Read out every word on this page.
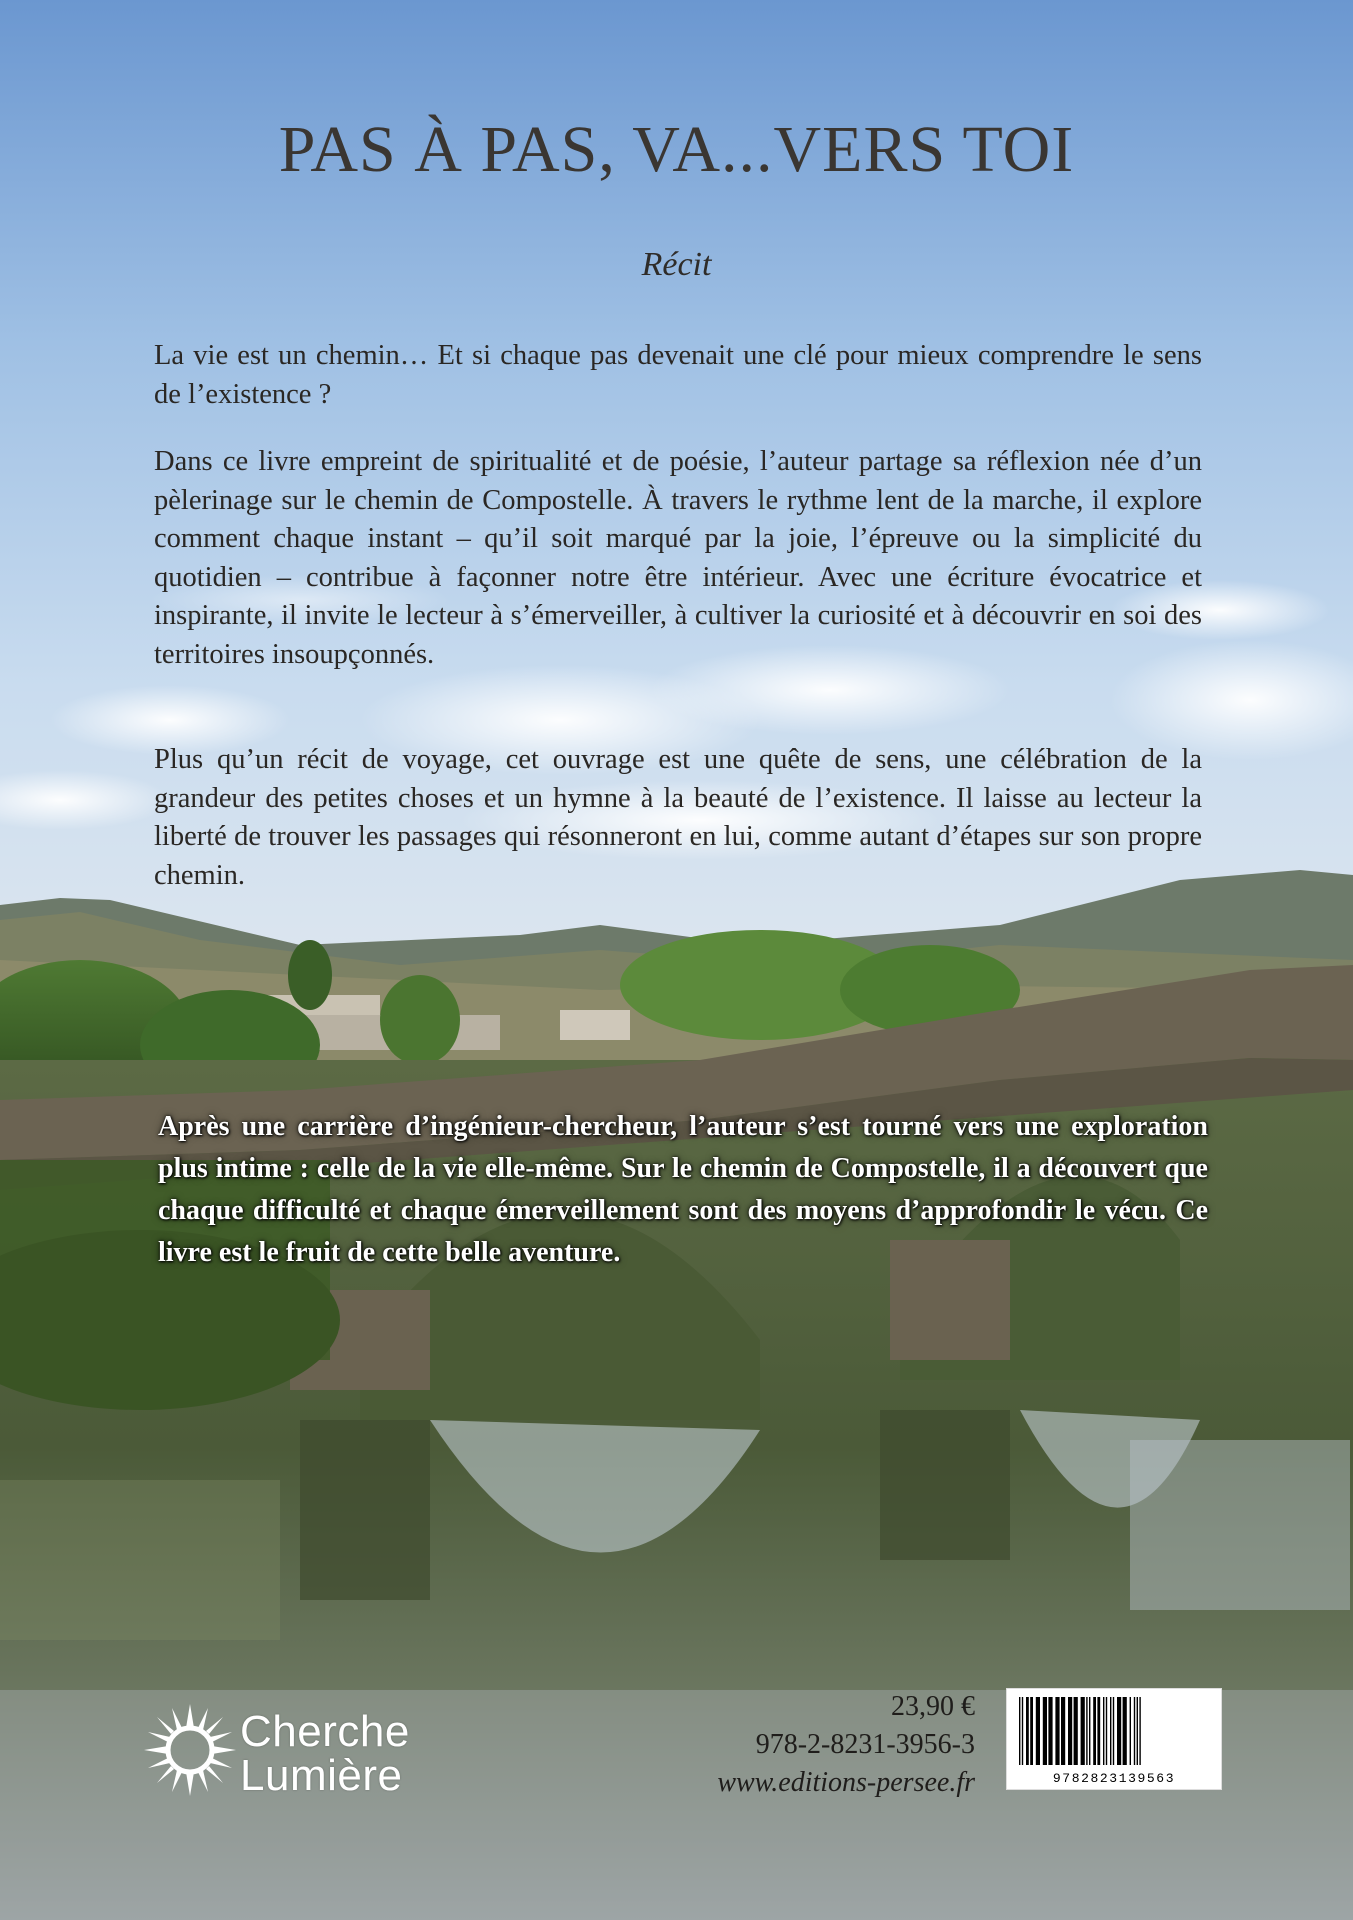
PAS À PAS, VA...VERS TOI

Récit

La vie est un chemin… Et si chaque pas devenait une clé pour mieux comprendre le sens de l’existence ?

Dans ce livre empreint de spiritualité et de poésie, l’auteur partage sa réflexion née d’un pèlerinage sur le chemin de Compostelle. À travers le rythme lent de la marche, il explore comment chaque instant – qu’il soit marqué par la joie, l’épreuve ou la simplicité du quotidien – contribue à façonner notre être intérieur. Avec une écriture évocatrice et inspirante, il invite le lecteur à s’émerveiller, à cultiver la curiosité et à découvrir en soi des territoires insoupçonnés.

Plus qu’un récit de voyage, cet ouvrage est une quête de sens, une célébration de la grandeur des petites choses et un hymne à la beauté de l’existence. Il laisse au lecteur la liberté de trouver les passages qui résonneront en lui, comme autant d’étapes sur son propre chemin.

Après une carrière d’ingénieur-chercheur, l’auteur s’est tourné vers une exploration plus intime : celle de la vie elle-même. Sur le chemin de Compostelle, il a découvert que chaque difficulté et chaque émerveillement sont des moyens d’approfondir le vécu. Ce livre est le fruit de cette belle aventure.

Cherche
Lumière
23,90 €
978-2-8231-3956-3
www.editions-persee.fr	9782823139563
